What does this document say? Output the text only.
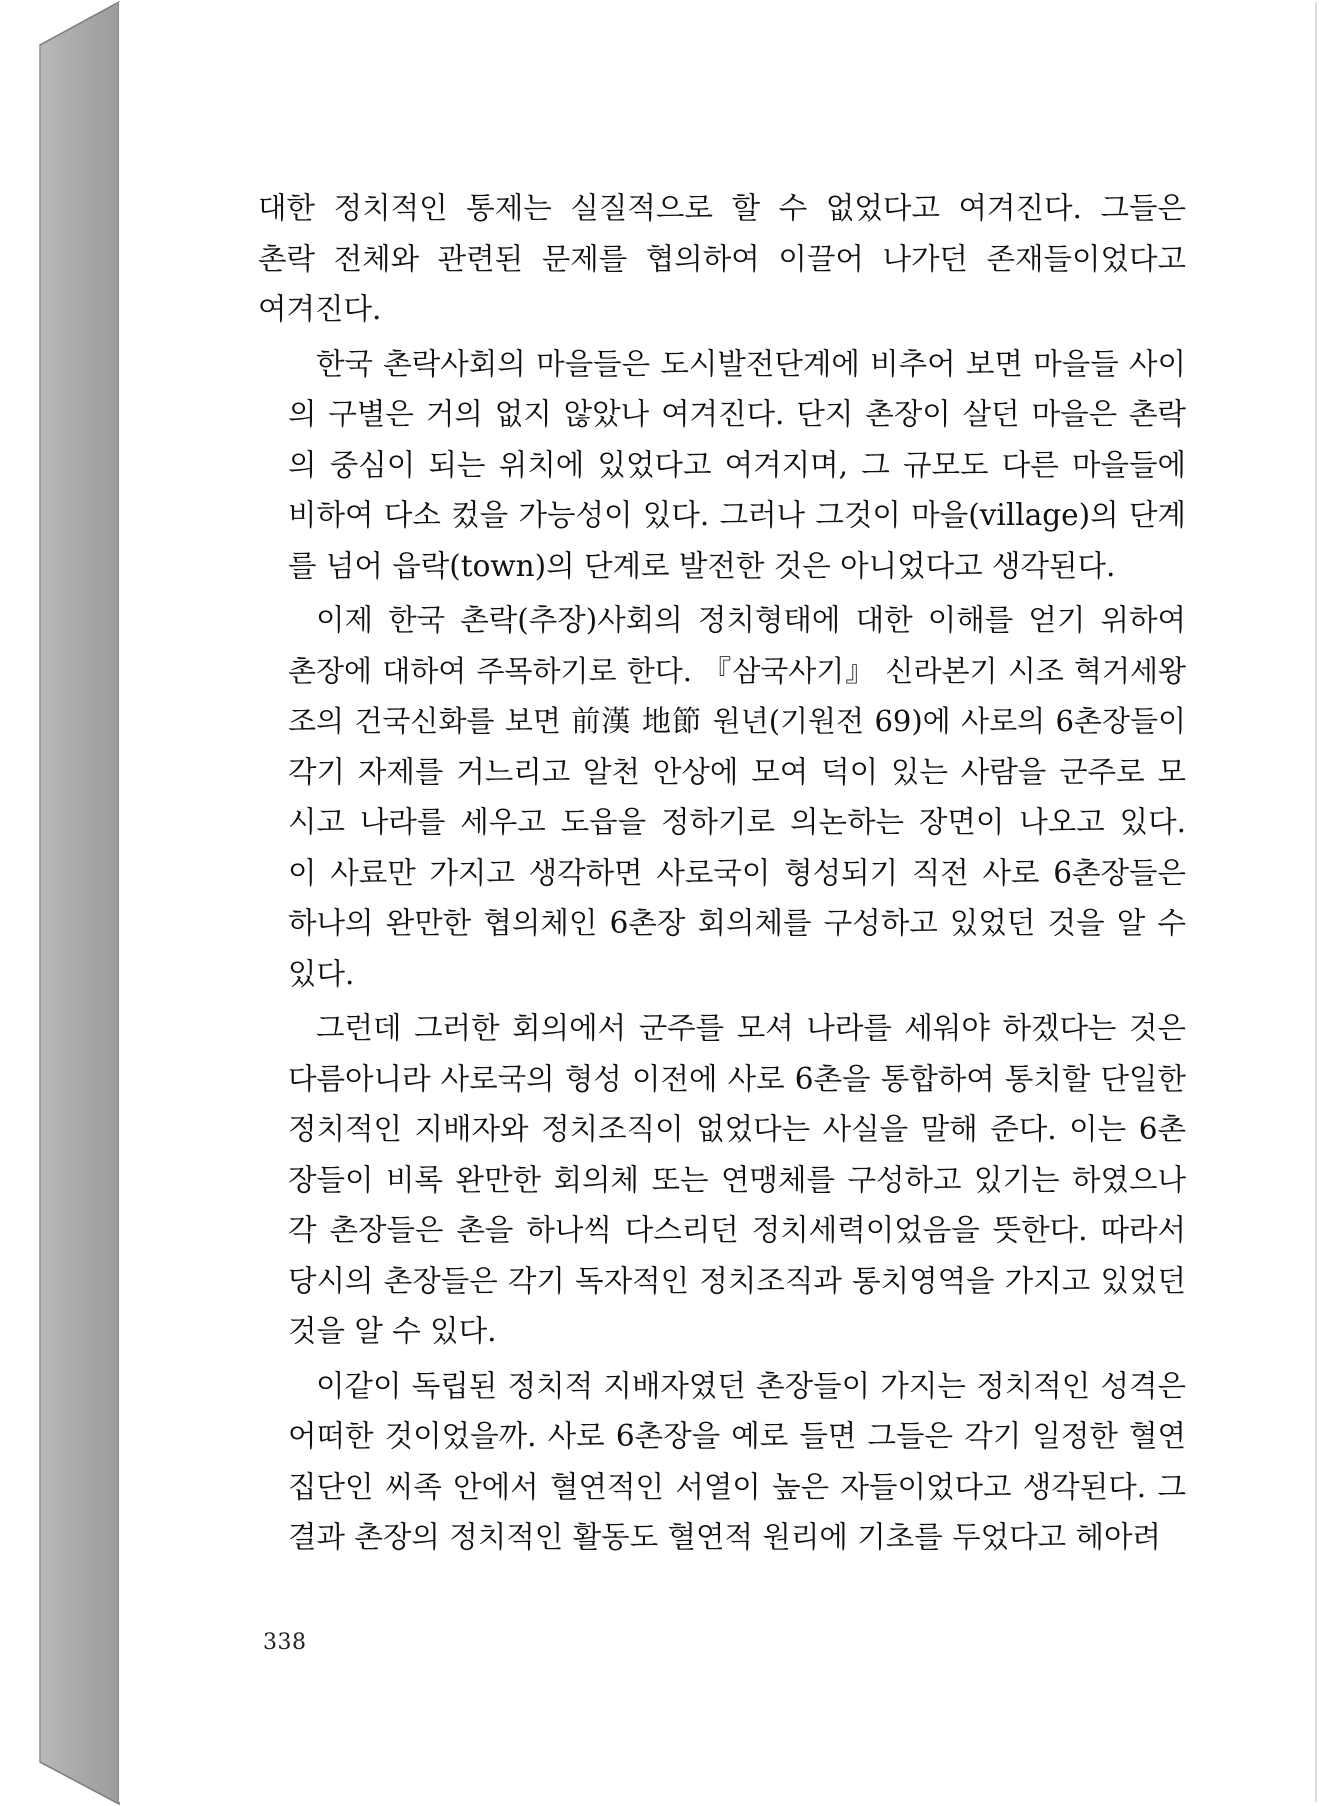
대한 정치적인 통제는 실질적으로 할 수 없었다고 여겨진다. 그들은
촌락 전체와 관련된 문제를 협의하여 이끌어 나가던 존재들이었다고
여겨진다.
한국 촌락사회의 마을들은 도시발전단계에 비추어 보면 마을들 사이
의 구별은 거의 없지 않았나 여겨진다. 단지 촌장이 살던 마을은 촌락
의 중심이 되는 위치에 있었다고 여겨지며, 그 규모도 다른 마을들에
비하여 다소 컸을 가능성이 있다. 그러나 그것이 마을(village)의 단계
를 넘어 읍락(town)의 단계로 발전한 것은 아니었다고 생각된다.
이제 한국 촌락(추장)사회의 정치형태에 대한 이해를 얻기 위하여
촌장에 대하여 주목하기로 한다. 『삼국사기』 신라본기 시조 혁거세왕
조의 건국신화를 보면 前漢 地節 원년(기원전 69)에 사로의 6촌장들이
각기 자제를 거느리고 알천 안상에 모여 덕이 있는 사람을 군주로 모
시고 나라를 세우고 도읍을 정하기로 의논하는 장면이 나오고 있다.
이 사료만 가지고 생각하면 사로국이 형성되기 직전 사로 6촌장들은
하나의 완만한 협의체인 6촌장 회의체를 구성하고 있었던 것을 알 수
있다.
그런데 그러한 회의에서 군주를 모셔 나라를 세워야 하겠다는 것은
다름아니라 사로국의 형성 이전에 사로 6촌을 통합하여 통치할 단일한
정치적인 지배자와 정치조직이 없었다는 사실을 말해 준다. 이는 6촌
장들이 비록 완만한 회의체 또는 연맹체를 구성하고 있기는 하였으나
각 촌장들은 촌을 하나씩 다스리던 정치세력이었음을 뜻한다. 따라서
당시의 촌장들은 각기 독자적인 정치조직과 통치영역을 가지고 있었던
것을 알 수 있다.
이같이 독립된 정치적 지배자였던 촌장들이 가지는 정치적인 성격은
어떠한 것이었을까. 사로 6촌장을 예로 들면 그들은 각기 일정한 혈연
집단인 씨족 안에서 혈연적인 서열이 높은 자들이었다고 생각된다. 그
결과 촌장의 정치적인 활동도 혈연적 원리에 기초를 두었다고 헤아려
338
